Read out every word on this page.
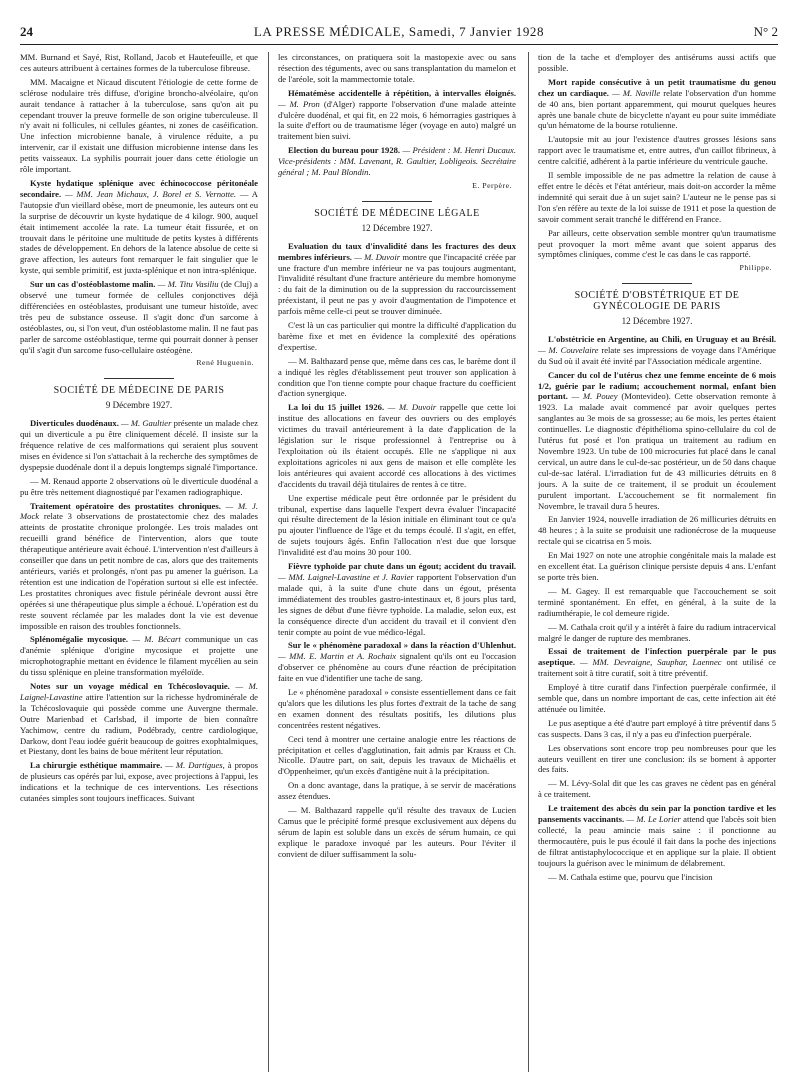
24	LA PRESSE MÉDICALE, Samedi, 7 Janvier 1928	N° 2

MM. Burnand et Sayé, Rist, Rolland, Jacob et Hautefeuille, et que ces auteurs attribuent à certaines formes de la tuberculose fibreuse.

MM. Macaigne et Nicaud discutent l'étiologie de cette forme de sclérose nodulaire très diffuse, d'origine broncho-alvéolaire, qu'on aurait tendance à rattacher à la tuberculose, sans qu'on ait pu cependant trouver la preuve formelle de son origine tuberculeuse. Il n'y avait ni follicules, ni cellules géantes, ni zones de caséification. Une infection microbienne banale, à virulence réduite, a pu intervenir, car il existait une diffusion microbienne intense dans les petits vaisseaux. La syphilis pourrait jouer dans cette étiologie un rôle important.

Kyste hydatique splénique avec échinococcose péritonéale secondaire. — MM. Jean Michaux, J. Borel et S. Vernotte. — A l'autopsie d'un vieillard obèse, mort de pneumonie, les auteurs ont eu la surprise de découvrir un kyste hydatique de 4 kilogr. 900, auquel était intimement accolée la rate. La tumeur était fissurée, et on trouvait dans le péritoine une multitude de petits kystes à différents stades de développement. En dehors de la latence absolue de cette si grave affection, les auteurs font remarquer le fait singulier que le kyste, qui semble primitif, est juxta-splénique et non intra-splénique.

Sur un cas d'ostéoblastome malin. — M. Titu Vasiliu (de Cluj) a observé une tumeur formée de cellules conjonctives déjà différenciées en ostéoblastes, produisant une tumeur histoïde, avec très peu de substance osseuse. Il s'agit donc d'un sarcome à ostéoblastes, ou, si l'on veut, d'un ostéoblastome malin. Il ne faut pas parler de sarcome ostéoblastique, terme qui pourrait donner à penser qu'il s'agit d'un sarcome fuso-cellulaire ostéogène.

René Huguenin.
SOCIÉTÉ DE MÉDECINE DE PARIS
9 Décembre 1927.

Diverticules duodénaux. — M. Gaultier présente un malade chez qui un diverticule a pu être cliniquement décelé. Il insiste sur la fréquence relative de ces malformations qui seraient plus souvent mises en évidence si l'on s'attachait à la recherche des symptômes de dyspepsie duodénale dont il a depuis longtemps signalé l'importance.

— M. Renaud apporte 2 observations où le diverticule duodénal a pu être très nettement diagnostiqué par l'examen radiographique.

Traitement opératoire des prostatites chroniques. — M. J. Mock relate 3 observations de prostatectomie chez des malades atteints de prostatite chronique prolongée. Les trois malades ont recueilli grand bénéfice de l'intervention, alors que toute thérapeutique antérieure avait échoué. L'intervention n'est d'ailleurs à conseiller que dans un petit nombre de cas, alors que des traitements antérieurs, variés et prolongés, n'ont pas pu amener la guérison. La rétention est une indication de l'opération surtout si elle est infectée. Les prostatites chroniques avec fistule périnéale devront aussi être opérées si une thérapeutique plus simple a échoué. L'opération est du reste souvent réclamée par les malades dont la vie est devenue impossible en raison des troubles fonctionnels.

Splénomégalie mycosique. — M. Bécart communique un cas d'anémie splénique d'origine mycosique et projette une microphotographie mettant en évidence le filament mycélien au sein du tissu splénique en pleine transformation myéloïde.

Notes sur un voyage médical en Tchécoslovaquie. — M. Laignel-Lavastine attire l'attention sur la richesse hydrominérale de la Tchécoslovaquie qui possède comme une Auvergne thermale. Outre Marienbad et Carlsbad, il importe de bien connaître Yachimow, centre du radium, Podébrady, centre cardiologique, Darkow, dont l'eau iodée guérit beaucoup de goitres exophtalmiques, et Piestany, dont les bains de boue méritent leur réputation.

La chirurgie esthétique mammaire. — M. Dartigues, à propos de plusieurs cas opérés par lui, expose, avec projections à l'appui, les indications et la technique de ces interventions. Les résections cutanées simples sont toujours inefficaces. Suivant

les circonstances, on pratiquera soit la mastopexie avec ou sans résection des téguments, avec ou sans transplantation du mamelon et de l'aréole, soit la mammectomie totale.

Hématémèse accidentelle à répétition, à intervalles éloignés. — M. Pron (d'Alger) rapporte l'observation d'une malade atteinte d'ulcère duodénal, et qui fit, en 22 mois, 6 hémorragies gastriques à la suite d'effort ou de traumatisme léger (voyage en auto) malgré un traitement bien suivi.

Election du bureau pour 1928. — Président : M. Henri Ducaux. Vice-présidents : MM. Lavenant, R. Gaultier, Lobligeois. Secrétaire général ; M. Paul Blondin.

E. Perpère.
SOCIÉTÉ DE MÉDECINE LÉGALE
12 Décembre 1927.

Evaluation du taux d'invalidité dans les fractures des deux membres inférieurs. — M. Duvoir montre que l'incapacité créée par une fracture d'un membre inférieur ne va pas toujours augmentant, l'invalidité résultant d'une fracture antérieure du membre homonyme : du fait de la diminution ou de la suppression du raccourcissement préexistant, il peut ne pas y avoir d'augmentation de l'impotence et parfois même celle-ci peut se trouver diminuée.

C'est là un cas particulier qui montre la difficulté d'application du barème fixe et met en évidence la complexité des opérations d'expertise.

— M. Balthazard pense que, même dans ces cas, le barème dont il a indiqué les règles d'établissement peut trouver son application à condition que l'on tienne compte pour chaque fracture du coefficient d'action synergique.

La loi du 15 juillet 1926. — M. Duvoir rappelle que cette loi institue des allocations en faveur des ouvriers ou des employés victimes du travail antérieurement à la date d'application de la législation sur le risque professionnel à l'entreprise ou à l'exploitation où ils étaient occupés. Elle ne s'applique ni aux exploitations agricoles ni aux gens de maison et elle complète les lois antérieures qui avaient accordé ces allocations à des victimes d'accidents du travail déjà titulaires de rentes à ce titre.

Une expertise médicale peut être ordonnée par le président du tribunal, expertise dans laquelle l'expert devra évaluer l'incapacité qui résulte directement de la lésion initiale en éliminant tout ce qu'a pu ajouter l'influence de l'âge et du temps écoulé. Il s'agit, en effet, de sujets toujours âgés. Enfin l'allocation n'est due que lorsque l'invalidité est d'au moins 30 pour 100.

Fièvre typhoïde par chute dans un égout; accident du travail. — MM. Laignel-Lavastine et J. Ravier rapportent l'observation d'un malade qui, à la suite d'une chute dans un égout, présenta immédiatement des troubles gastro-intestinaux et, 8 jours plus tard, les signes de début d'une fièvre typhoïde. La maladie, selon eux, est la conséquence directe d'un accident du travail et il convient d'en tenir compte au point de vue médico-légal.

Sur le « phénomène paradoxal » dans la réaction d'Uhlenhut. — MM. E. Martin et A. Rochaix signalent qu'ils ont eu l'occasion d'observer ce phénomène au cours d'une réaction de précipitation faite en vue d'identifier une tache de sang.

Le « phénomène paradoxal » consiste essentiellement dans ce fait qu'alors que les dilutions les plus fortes d'extrait de la tache de sang en examen donnent des résultats positifs, les dilutions plus concentrées restent négatives.

Ceci tend à montrer une certaine analogie entre les réactions de précipitation et celles d'agglutination, fait admis par Krauss et Ch. Nicolle. D'autre part, on sait, depuis les travaux de Michaëlis et d'Oppenheimer, qu'un excès d'antigène nuit à la précipitation.

On a donc avantage, dans la pratique, à se servir de macérations assez étendues.

— M. Balthazard rappelle qu'il résulte des travaux de Lucien Camus que le précipité formé presque exclusivement aux dépens du sérum de lapin est soluble dans un excès de sérum humain, ce qui explique le paradoxe invoqué par les auteurs. Pour l'éviter il convient de diluer suffisamment la solu-

tion de la tache et d'employer des antisérums aussi actifs que possible.

Mort rapide consécutive à un petit traumatisme du genou chez un cardiaque. — M. Naville relate l'observation d'un homme de 40 ans, bien portant apparemment, qui mourut quelques heures après une banale chute de bicyclette n'ayant eu pour suite immédiate qu'un hématome de la bourse rotulienne.

L'autopsie mit au jour l'existence d'autres grosses lésions sans rapport avec le traumatisme et, entre autres, d'un caillot fibrineux, à centre calcifié, adhérent à la partie inférieure du ventricule gauche.

Il semble impossible de ne pas admettre la relation de cause à effet entre le décès et l'état antérieur, mais doit-on accorder la même indemnité qui serait due à un sujet sain? L'auteur ne le pense pas si l'on s'en réfère au texte de la loi suisse de 1911 et pose la question de savoir comment serait tranché le différend en France.

Par ailleurs, cette observation semble montrer qu'un traumatisme peut provoquer la mort même avant que soient apparus des symptômes cliniques, comme c'est le cas dans le cas rapporté.

Philippe.
SOCIÉTÉ D'OBSTÉTRIQUE ET DE GYNÉCOLOGIE DE PARIS
12 Décembre 1927.

L'obstétricie en Argentine, au Chili, en Uruguay et au Brésil. — M. Couvelaire relate ses impressions de voyage dans l'Amérique du Sud où il avait été invité par l'Association médicale argentine.

Cancer du col de l'utérus chez une femme enceinte de 6 mois 1/2, guérie par le radium; accouchement normal, enfant bien portant. — M. Pouey (Montevideo). Cette observation remonte à 1923. La malade avait commencé par avoir quelques pertes sanglantes au 3e mois de sa grossesse; au 6e mois, les pertes étaient continuelles. Le diagnostic d'épithélioma spino-cellulaire du col de l'utérus fut posé et l'on pratiqua un traitement au radium en Novembre 1923. Un tube de 100 microcuries fut placé dans le canal cervical, un autre dans le cul-de-sac postérieur, un de 50 dans chaque cul-de-sac latéral. L'irradiation fut de 43 millicuries détruits en 8 jours. A la suite de ce traitement, il se produit un écoulement purulent important. L'accouchement se fit normalement fin Novembre, le travail dura 5 heures.

En Janvier 1924, nouvelle irradiation de 26 millicuries détruits en 48 heures ; à la suite se produisit une radionécrose de la muqueuse rectale qui se cicatrisa en 5 mois.

En Mai 1927 on note une atrophie congénitale mais la malade est en excellent état. La guérison clinique persiste depuis 4 ans. L'enfant se porte très bien.

— M. Gagey. Il est remarquable que l'accouchement se soit terminé spontanément. En effet, en général, à la suite de la radiumthérapie, le col demeure rigide.

— M. Cathala croit qu'il y a intérêt à faire du radium intracervical malgré le danger de rupture des membranes.

Essai de traitement de l'infection puerpérale par le pus aseptique. — MM. Devraigne, Sauphar, Laennec ont utilisé ce traitement soit à titre curatif, soit à titre préventif.

Employé à titre curatif dans l'infection puerpérale confirmée, il semble que, dans un nombre important de cas, cette infection ait été atténuée ou limitée.

Le pus aseptique a été d'autre part employé à titre préventif dans 5 cas suspects. Dans 3 cas, il n'y a pas eu d'infection puerpérale.

Les observations sont encore trop peu nombreuses pour que les auteurs veuillent en tirer une conclusion: ils se bornent à apporter des faits.

— M. Lévy-Solal dit que les cas graves ne cèdent pas en général à ce traitement.

Le traitement des abcès du sein par la ponction tardive et les pansements vaccinants. — M. Le Lorier attend que l'abcès soit bien collecté, la peau amincie mais saine : il ponctionne au thermocautère, puis le pus écoulé il fait dans la poche des injections de filtrat antistaphylococcique et en applique sur la plaie. Il obtient toujours la guérison avec le minimum de délabrement.

— M. Cathala estime que, pourvu que l'incision
